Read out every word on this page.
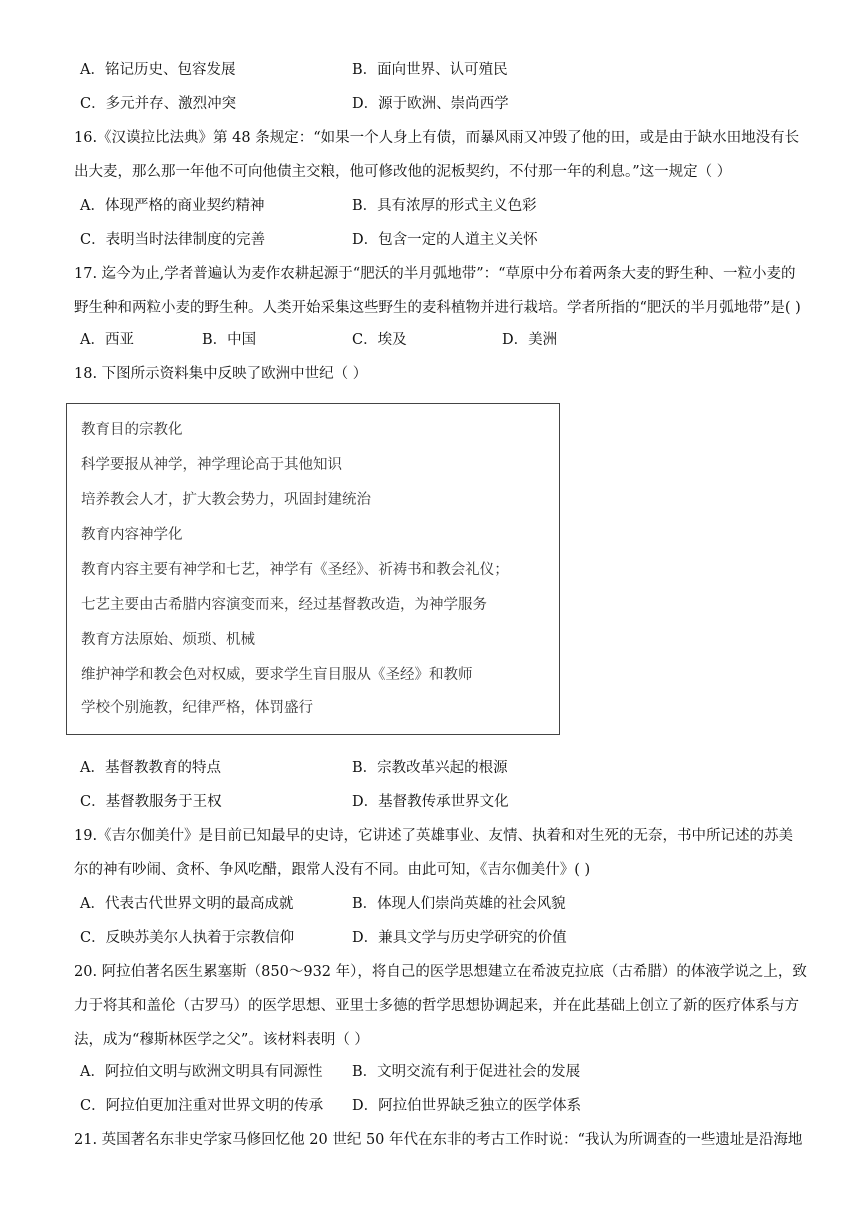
A．铭记历史、包容发展	B．面向世界、认可殖民
C．多元并存、激烈冲突	D．源于欧洲、崇尚西学
16.《汉谟拉比法典》第 48 条规定：“如果一个人身上有债，而暴风雨又冲毁了他的田，或是由于缺水田地没有长
出大麦，那么那一年他不可向他债主交粮，他可修改他的泥板契约，不付那一年的利息。”这一规定（ ）
A．体现严格的商业契约精神	B．具有浓厚的形式主义色彩
C．表明当时法律制度的完善	D．包含一定的人道主义关怀
17. 迄今为止,学者普遍认为麦作农耕起源于“肥沃的半月弧地带”：“草原中分布着两条大麦的野生种、一粒小麦的
野生种和两粒小麦的野生种。人类开始采集这些野生的麦科植物并进行栽培。学者所指的“肥沃的半月弧地带”是( )
A．西亚	B．中国	C．埃及	D．美洲
18. 下图所示资料集中反映了欧洲中世纪（ ）
教育目的宗教化
科学要报从神学，神学理论高于其他知识
培养教会人才，扩大教会势力，巩固封建统治
教育内容神学化
教育内容主要有神学和七艺，神学有《圣经》、祈祷书和教会礼仪；
七艺主要由古希腊内容演变而来，经过基督教改造，为神学服务
教育方法原始、烦琐、机械
维护神学和教会色对权威，要求学生盲目服从《圣经》和教师
学校个别施教，纪律严格，体罚盛行
A．基督教教育的特点	B．宗教改革兴起的根源
C．基督教服务于王权	D．基督教传承世界文化
19.《吉尔伽美什》是目前已知最早的史诗，它讲述了英雄事业、友情、执着和对生死的无奈，书中所记述的苏美
尔的神有吵闹、贪杯、争风吃醋，跟常人没有不同。由此可知，《吉尔伽美什》( )
A．代表古代世界文明的最高成就	B．体现人们崇尚英雄的社会风貌
C．反映苏美尔人执着于宗教信仰	D．兼具文学与历史学研究的价值
20. 阿拉伯著名医生累塞斯（850～932 年），将自己的医学思想建立在希波克拉底（古希腊）的体液学说之上，致
力于将其和盖伦（古罗马）的医学思想、亚里士多德的哲学思想协调起来，并在此基础上创立了新的医疗体系与方
法，成为“穆斯林医学之父”。该材料表明（ ）
A．阿拉伯文明与欧洲文明具有同源性 B．文明交流有利于促进社会的发展
C．阿拉伯更加注重对世界文明的传承 D．阿拉伯世界缺乏独立的医学体系
21. 英国著名东非史学家马修回忆他 20 世纪 50 年代在东非的考古工作时说：“我认为所调查的一些遗址是沿海地
